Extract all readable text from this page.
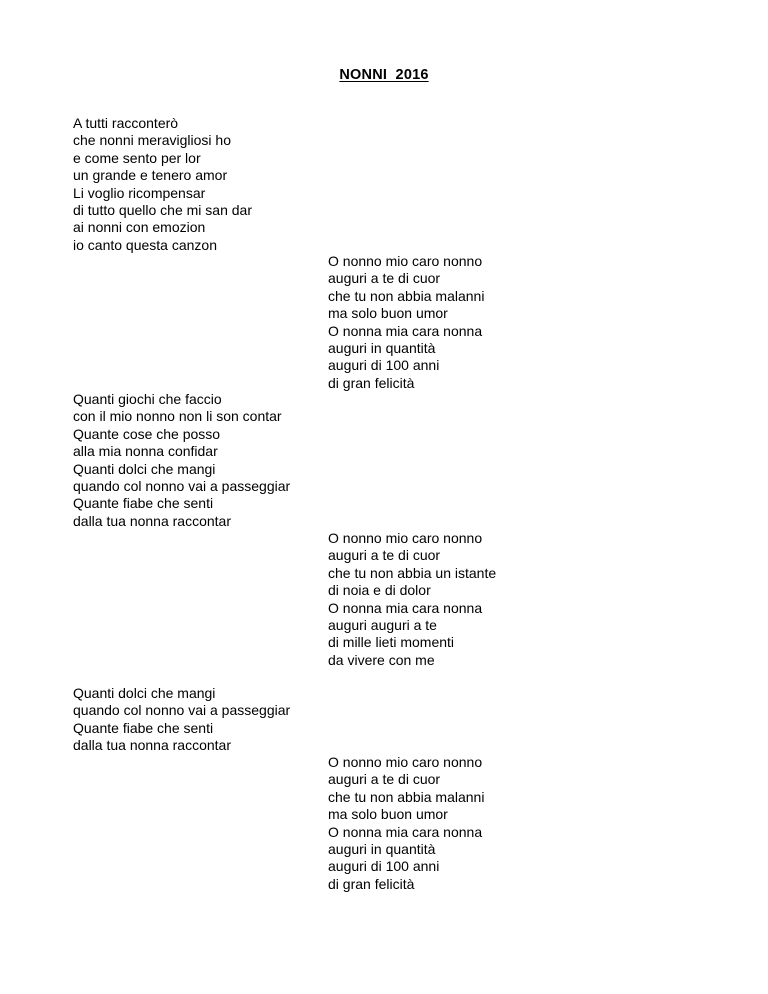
NONNI  2016
A tutti racconterò
che nonni meravigliosi ho
e come sento per lor
un grande e tenero amor
Li voglio ricompensar
di tutto quello che mi san dar
ai nonni con emozion
io canto questa canzon
O nonno mio caro nonno
auguri a te di cuor
che tu non abbia malanni
ma solo buon umor
O nonna mia cara nonna
auguri in quantità
auguri di 100 anni
di gran felicità
Quanti giochi che faccio
con il mio nonno non li son contar
Quante cose che posso
alla mia nonna confidar
Quanti dolci che mangi
quando col nonno vai a passeggiar
Quante fiabe che senti
dalla tua nonna raccontar
O nonno mio caro nonno
auguri a te di cuor
che tu non abbia un istante
di noia e di dolor
O nonna mia cara nonna
auguri auguri a te
di mille lieti momenti
da vivere con me
Quanti dolci che mangi
quando col nonno vai a passeggiar
Quante fiabe che senti
dalla tua nonna raccontar
O nonno mio caro nonno
auguri a te di cuor
che tu non abbia malanni
ma solo buon umor
O nonna mia cara nonna
auguri in quantità
auguri di 100 anni
di gran felicità
